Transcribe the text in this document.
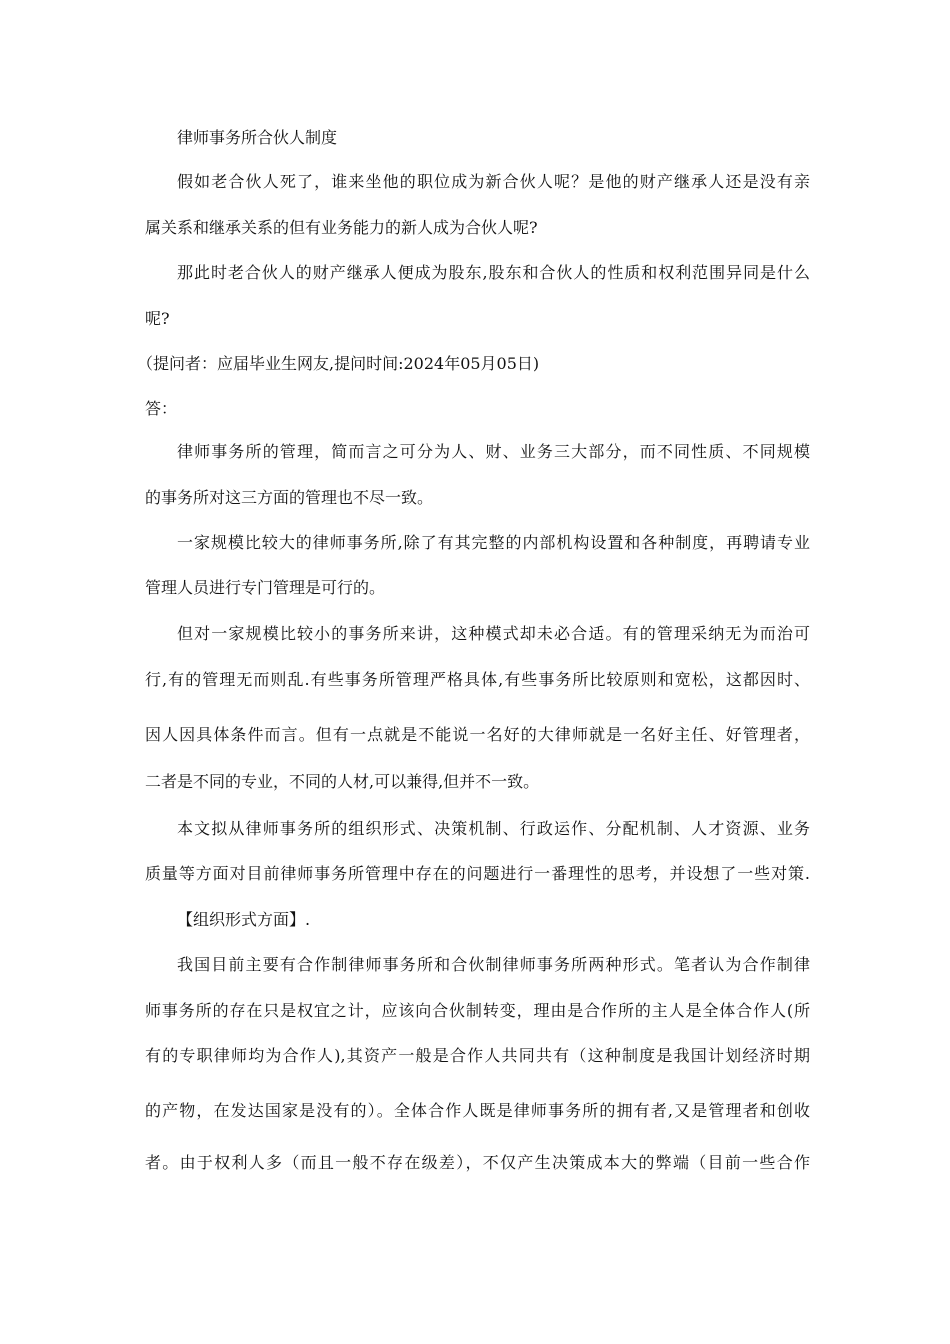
律师事务所合伙人制度
假如老合伙人死了，谁来坐他的职位成为新合伙人呢？是他的财产继承人还是没有亲
属关系和继承关系的但有业务能力的新人成为合伙人呢?
那此时老合伙人的财产继承人便成为股东,股东和合伙人的性质和权利范围异同是什么
呢?
（提问者：应届毕业生网友,提问时间:2024年05月05日)
答：
律师事务所的管理，简而言之可分为人、财、业务三大部分，而不同性质、不同规模
的事务所对这三方面的管理也不尽一致。
一家规模比较大的律师事务所,除了有其完整的内部机构设置和各种制度，再聘请专业
管理人员进行专门管理是可行的。
但对一家规模比较小的事务所来讲，这种模式却未必合适。有的管理采纳无为而治可
行,有的管理无而则乱.有些事务所管理严格具体,有些事务所比较原则和宽松，这都因时、
因人因具体条件而言。但有一点就是不能说一名好的大律师就是一名好主任、好管理者，
二者是不同的专业，不同的人材,可以兼得,但并不一致。
本文拟从律师事务所的组织形式、决策机制、行政运作、分配机制、人才资源、业务
质量等方面对目前律师事务所管理中存在的问题进行一番理性的思考，并设想了一些对策.
【组织形式方面】.
我国目前主要有合作制律师事务所和合伙制律师事务所两种形式。笔者认为合作制律
师事务所的存在只是权宜之计，应该向合伙制转变，理由是合作所的主人是全体合作人(所
有的专职律师均为合作人),其资产一般是合作人共同共有（这种制度是我国计划经济时期
的产物，在发达国家是没有的）。全体合作人既是律师事务所的拥有者,又是管理者和创收
者。由于权利人多（而且一般不存在级差），不仅产生决策成本大的弊端（目前一些合作
